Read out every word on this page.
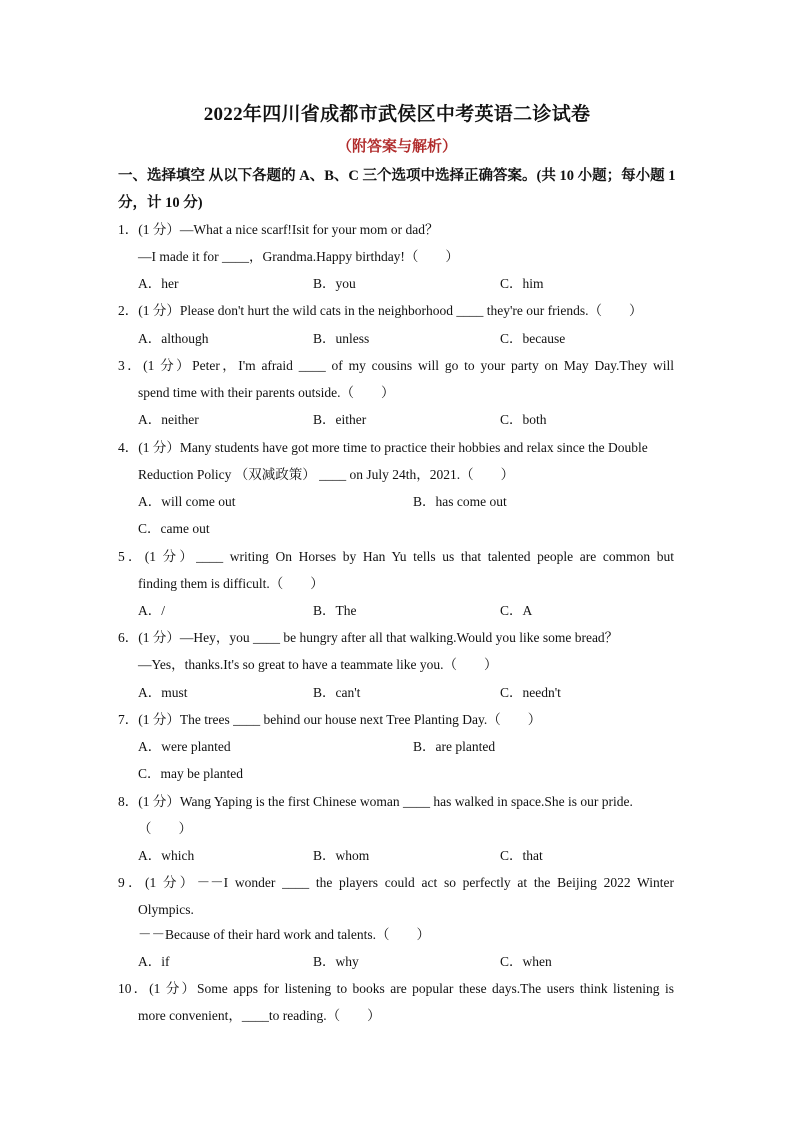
2022年四川省成都市武侯区中考英语二诊试卷
（附答案与解析）
一、选择填空 从以下各题的 A、B、C 三个选项中选择正确答案。(共 10 小题；每小题 1
分，计 10 分)
1．(1 分）—What a nice scarf!Isit for your mom or dad？
—I made it for ____，Grandma.Happy birthday!（　　）
A．her	B．you	C．him
2．(1 分）Please don't hurt the wild cats in the neighborhood ____ they're our friends.（　　）
A．although	B．unless	C．because
3．(1 分）Peter，I'm afraid ____ of my cousins will go to your party on May Day.They will
spend time with their parents outside.（　　）
A．neither	B．either	C．both
4．(1 分）Many students have got more time to practice their hobbies and relax since the Double
Reduction Policy （双减政策） ____ on July 24th，2021.（　　）
A．will come out	B．has come out
C．came out
5．(1 分）____ writing On Horses by Han Yu tells us that talented people are common but
finding them is difficult.（　　）
A．/	B．The	C．A
6．(1 分）—Hey，you ____ be hungry after all that walking.Would you like some bread？
—Yes，thanks.It's so great to have a teammate like you.（　　）
A．must	B．can't	C．needn't
7．(1 分）The trees ____ behind our house next Tree Planting Day.（　　）
A．were planted	B．are planted
C．may be planted
8．(1 分）Wang Yaping is the first Chinese woman ____ has walked in space.She is our pride.
（　　）
A．which	B．whom	C．that
9．(1 分）－－I wonder ____ the players could act so perfectly at the Beijing 2022 Winter
Olympics.
－－Because of their hard work and talents.（　　）
A．if	B．why	C．when
10．(1 分）Some apps for listening to books are popular these days.The users think listening is
more convenient，____to reading.（　　）
